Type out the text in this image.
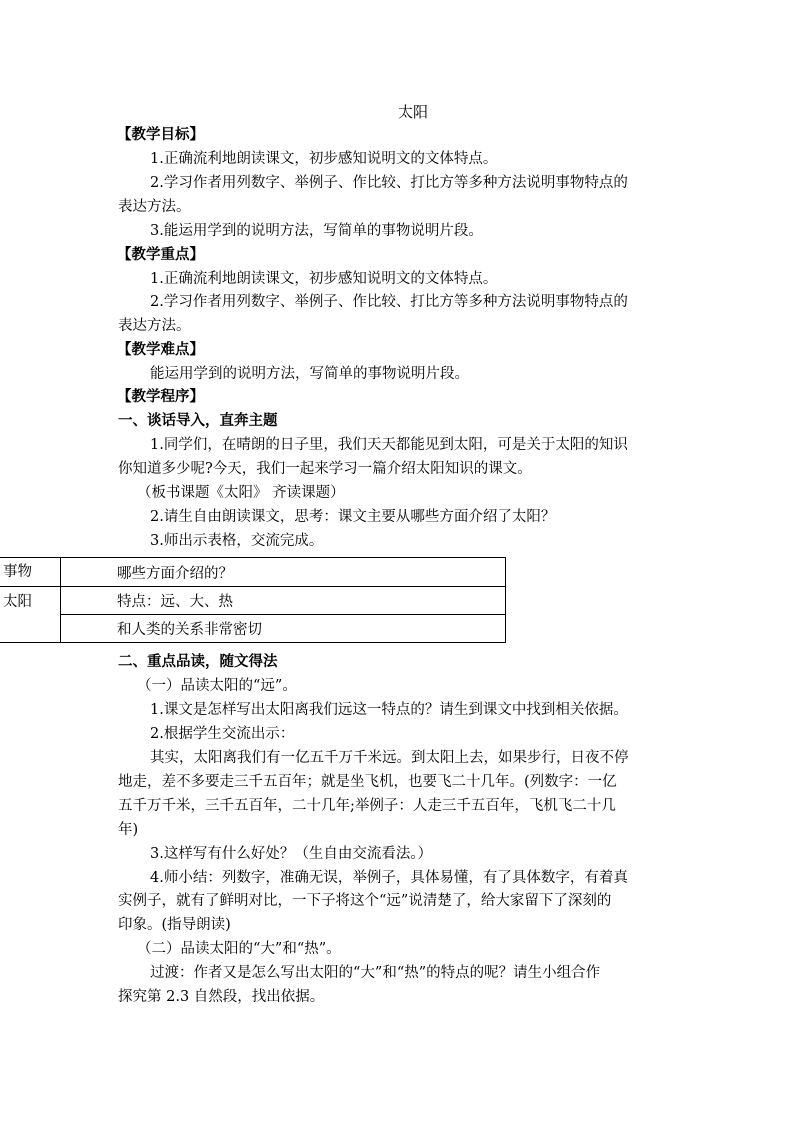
太阳
【教学目标】
1.正确流利地朗读课文，初步感知说明文的文体特点。
2.学习作者用列数字、举例子、作比较、打比方等多种方法说明事物特点的
表达方法。
3.能运用学到的说明方法，写简单的事物说明片段。
【教学重点】
1.正确流利地朗读课文，初步感知说明文的文体特点。
2.学习作者用列数字、举例子、作比较、打比方等多种方法说明事物特点的
表达方法。
【教学难点】
能运用学到的说明方法，写简单的事物说明片段。
【教学程序】
一、谈话导入，直奔主题
1.同学们，在晴朗的日子里，我们天天都能见到太阳，可是关于太阳的知识
你知道多少呢?今天，我们一起来学习一篇介绍太阳知识的课文。
（板书课题《太阳》 齐读课题）
2.请生自由朗读课文，思考：课文主要从哪些方面介绍了太阳？
3.师出示表格，交流完成。
事物	哪些方面介绍的？
太阳	特点：远、大、热
和人类的关系非常密切
二、重点品读，随文得法
（一）品读太阳的“远”。
1.课文是怎样写出太阳离我们远这一特点的？请生到课文中找到相关依据。
2.根据学生交流出示：
其实，太阳离我们有一亿五千万千米远。到太阳上去，如果步行，日夜不停
地走，差不多要走三千五百年；就是坐飞机，也要飞二十几年。(列数字：一亿
五千万千米，三千五百年，二十几年;举例子：人走三千五百年，飞机飞二十几
年)
3.这样写有什么好处？（生自由交流看法。）
4.师小结：列数字，准确无误，举例子，具体易懂，有了具体数字，有着真
实例子，就有了鲜明对比，一下子将这个“远”说清楚了，给大家留下了深刻的
印象。(指导朗读)
（二）品读太阳的“大”和“热”。
过渡：作者又是怎么写出太阳的“大”和“热”的特点的呢？请生小组合作
探究第 2.3 自然段，找出依据。
